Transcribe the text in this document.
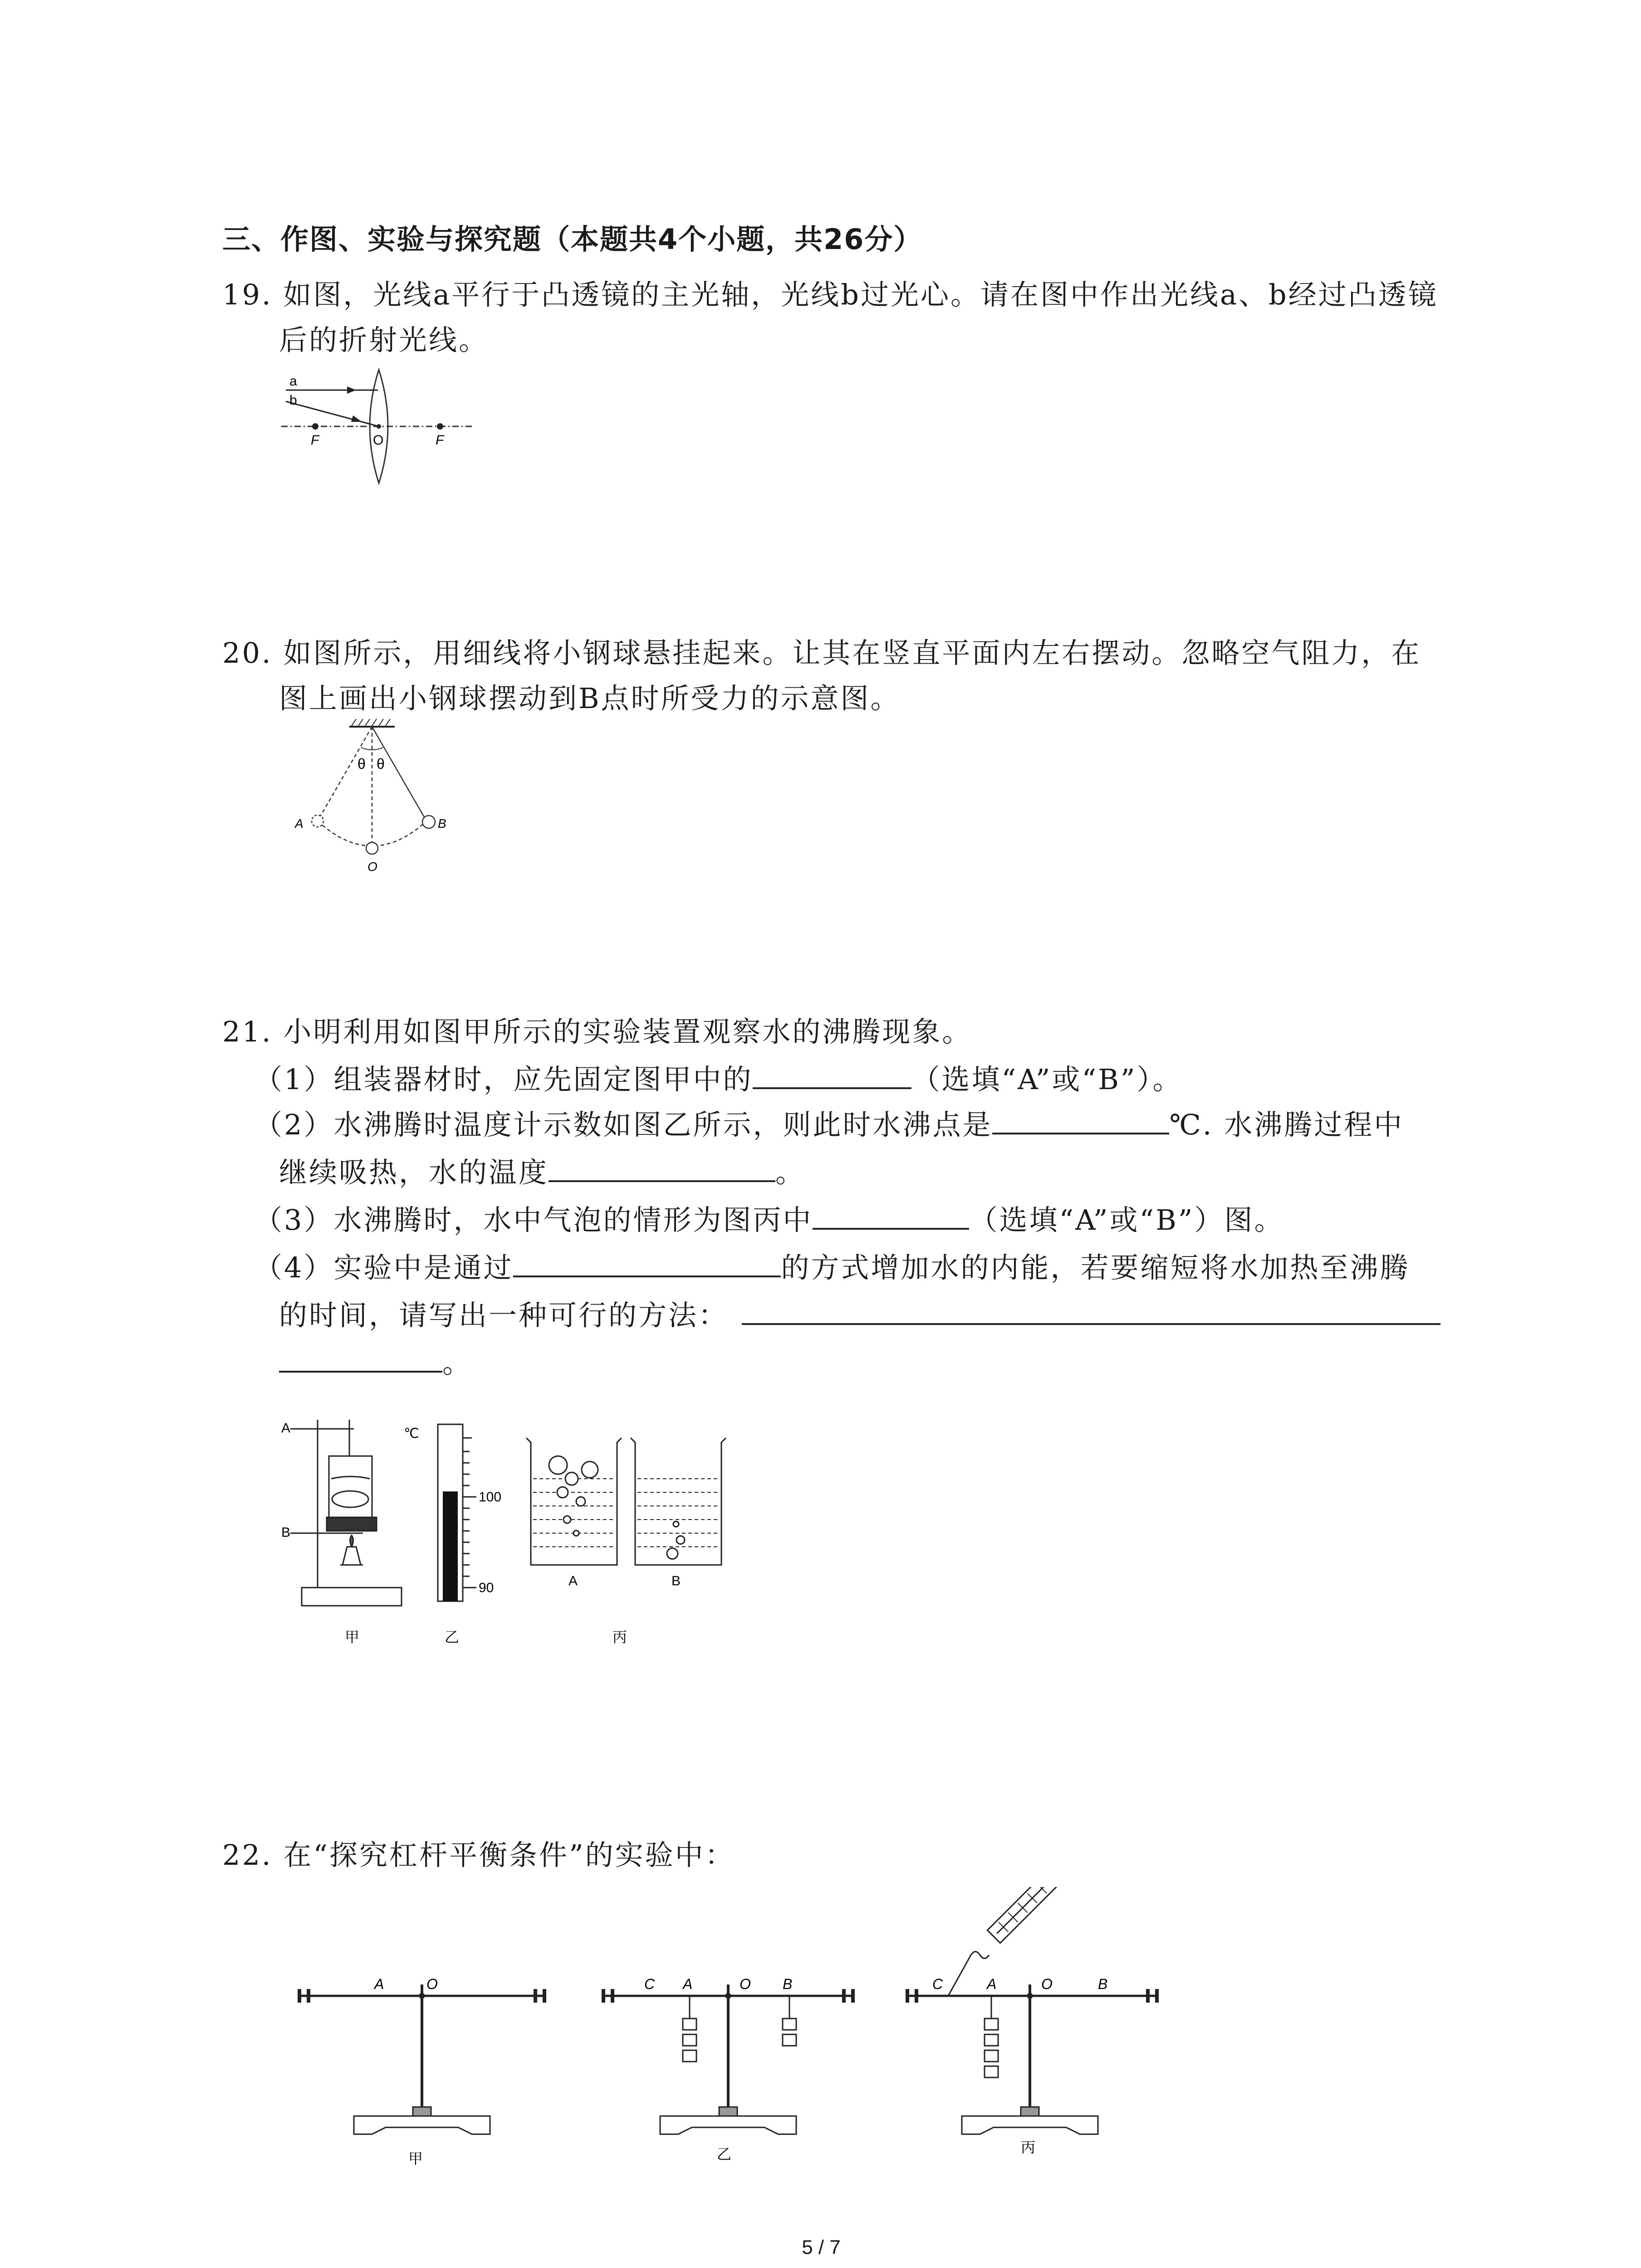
三、作图、实验与探究题（本题共4个小题，共26分）
19. 如图，光线a平行于凸透镜的主光轴，光线b过光心。请在图中作出光线a、b经过凸透镜
后的折射光线。
a
b
F	O	F
20. 如图所示，用细线将小钢球悬挂起来。让其在竖直平面内左右摆动。忽略空气阻力，在
图上画出小钢球摆动到B点时所受力的示意图。
θ θ
A	B
O
21. 小明利用如图甲所示的实验装置观察水的沸腾现象。
（1）组装器材时，应先固定图甲中的	（选填“A”或“B”）。
（2）水沸腾时温度计示数如图乙所示，则此时水沸点是	℃. 水沸腾过程中
继续吸热，水的温度	。
（3）水沸腾时，水中气泡的情形为图丙中	（选填“A”或“B”）图。
（4）实验中是通过	的方式增加水的内能，若要缩短将水加热至沸腾
的时间，请写出一种可行的方法：
。
A
B
甲
℃
100
90
乙
A	B
丙
22. 在“探究杠杆平衡条件”的实验中：
A	O
甲
C A	O B
乙
C	A	O	B
丙
5 / 7
